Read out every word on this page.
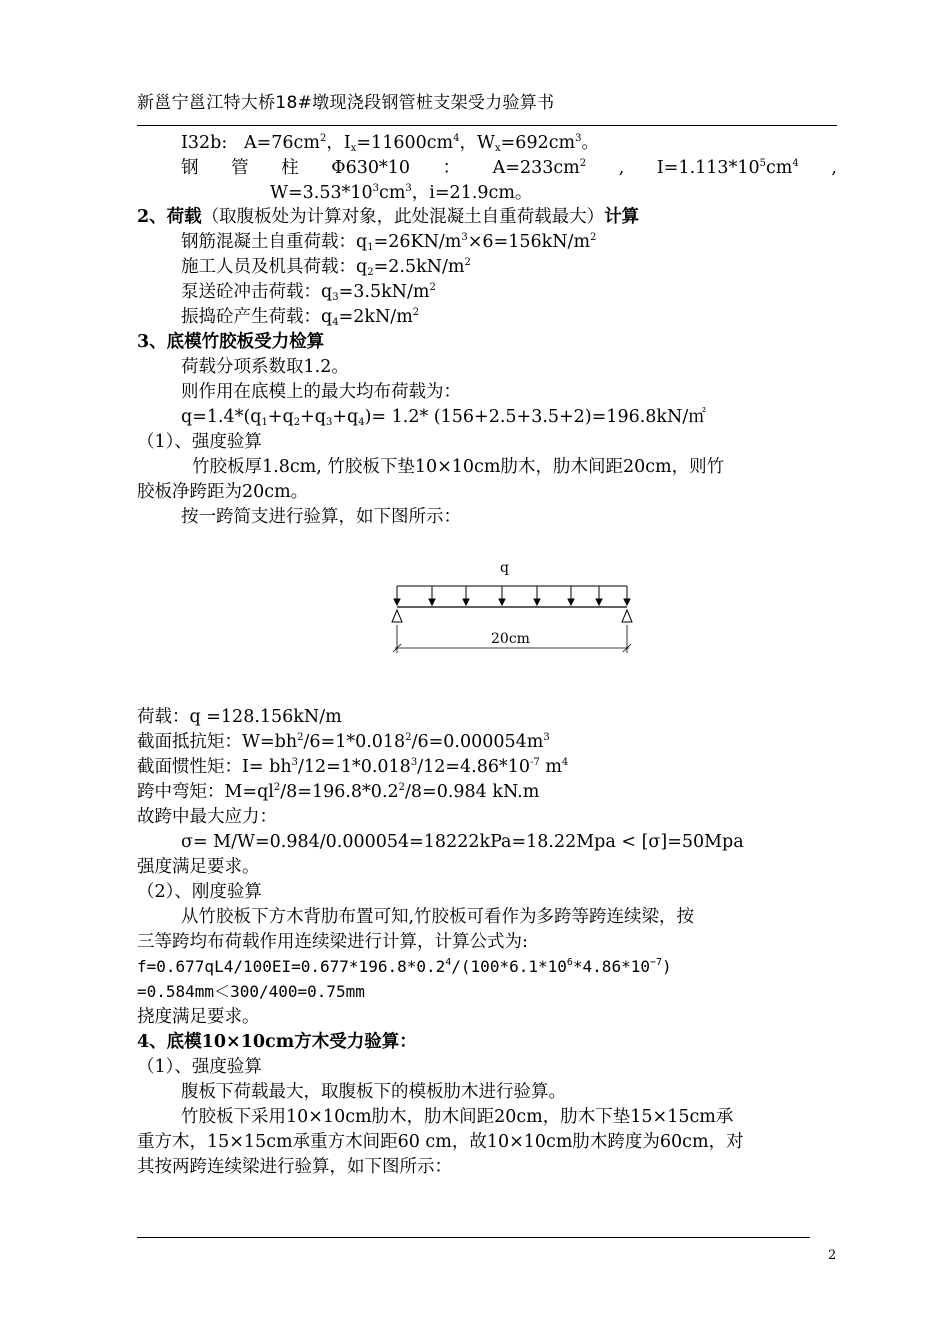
新邕宁邕江特大桥18#墩现浇段钢管桩支架受力验算书
I32b: $A=76cm^2$，$I_x=11600cm^4$，$W_x=692cm^3$。
钢 管 柱 Φ630*10 ： $A=233cm^2$ , $I=1.113*10^5cm^4$ ,
$W=3.53*10^3cm^3$，i=21.9cm。
2、荷载（取腹板处为计算对象，此处混凝土自重荷载最大）计算
钢筋混凝土自重荷载：$q_1=26KN/m^3\times 6=156kN/m^2$
施工人员及机具荷载：$q_2=2.5kN/m^2$
泵送砼冲击荷载：$q_3=3.5kN/m^2$
振捣砼产生荷载：$q_4=2kN/m^2$
3、底模竹胶板受力检算
荷载分项系数取1.2。
则作用在底模上的最大均布荷载为：
$q=1.4*(q_1+q_2+q_3+q_4)= 1.2*$ (156+2.5+3.5+2)=196.8kN/㎡
（1）、强度验算
竹胶板厚1.8cm, 竹胶板下垫10×10cm肋木，肋木间距20cm，则竹
胶板净跨距为20cm。
按一跨简支进行验算，如下图所示：
q
20cm
荷载：q =128.156kN/m
截面抵抗矩：$W=bh^2/6=1*0.018^2/6=0.000054m^3$
截面惯性矩：$I= bh^3/12=1*0.018^3/12=4.86*10^{-7}$ $m^4$
跨中弯矩：$M=ql^2/8=196.8*0.2^2/8=0.984$ kN.m
故跨中最大应力：
σ= M/W=0.984/0.000054=18222kPa=18.22Mpa < [σ]=50Mpa
强度满足要求。
（2）、刚度验算
从竹胶板下方木背肋布置可知,竹胶板可看作为多跨等跨连续梁，按
三等跨均布荷载作用连续梁进行计算，计算公式为:
$f=0.677qL4/100EI=0.677*196.8*0.2^4/(100*6.1*10^6*4.86*10^{-7})$
=0.584mm＜300/400=0.75mm
挠度满足要求。
4、底模10×10cm方木受力验算：
（1）、强度验算
腹板下荷载最大，取腹板下的模板肋木进行验算。
竹胶板下采用10×10cm肋木，肋木间距20cm，肋木下垫15×15cm承
重方木，15×15cm承重方木间距60 cm，故10×10cm肋木跨度为60cm，对
其按两跨连续梁进行验算，如下图所示：
2
